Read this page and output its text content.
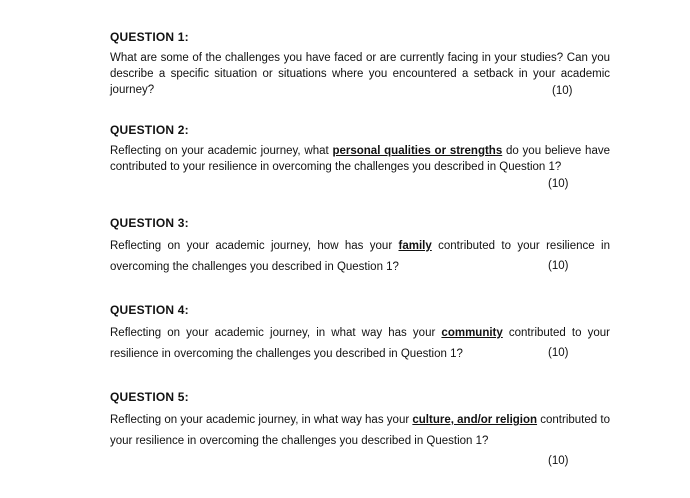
QUESTION 1:

What are some of the challenges you have faced or are currently facing in your studies? Can you describe a specific situation or situations where you encountered a setback in your academic journey?	(10)
QUESTION 2:

Reflecting on your academic journey, what personal qualities or strengths do you believe have contributed to your resilience in overcoming the challenges you described in Question 1?

(10)
QUESTION 3:

Reflecting on your academic journey, how has your family contributed to your resilience in overcoming the challenges you described in Question 1?	(10)
QUESTION 4:

Reflecting on your academic journey, in what way has your community contributed to your resilience in overcoming the challenges you described in Question 1?	(10)
QUESTION 5:

Reflecting on your academic journey, in what way has your culture, and/or religion contributed to your resilience in overcoming the challenges you described in Question 1?

(10)
